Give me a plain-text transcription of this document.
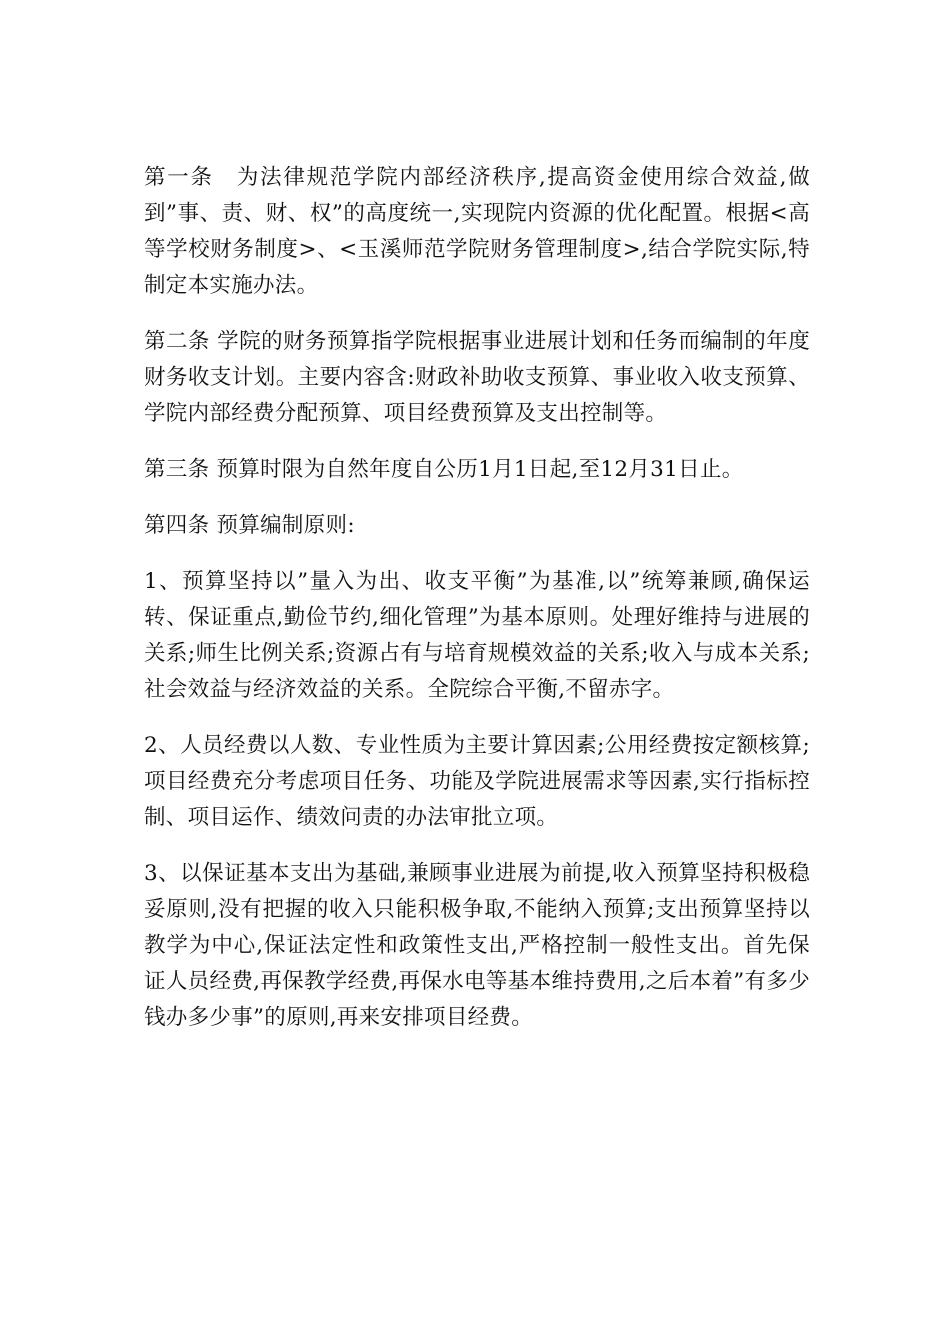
第一条　为法律规范学院内部经济秩序,提高资金使用综合效益,做到”事、责、财、权”的高度统一,实现院内资源的优化配置。根据<高等学校财务制度>、<玉溪师范学院财务管理制度>,结合学院实际,特制定本实施办法。

第二条 学院的财务预算指学院根据事业进展计划和任务而编制的年度财务收支计划。主要内容含:财政补助收支预算、事业收入收支预算、学院内部经费分配预算、项目经费预算及支出控制等。

第三条 预算时限为自然年度自公历1月1日起,至12月31日止。

第四条 预算编制原则:

1、预算坚持以”量入为出、收支平衡”为基准,以”统筹兼顾,确保运转、保证重点,勤俭节约,细化管理”为基本原则。处理好维持与进展的关系;师生比例关系;资源占有与培育规模效益的关系;收入与成本关系;社会效益与经济效益的关系。全院综合平衡,不留赤字。

2、人员经费以人数、专业性质为主要计算因素;公用经费按定额核算;项目经费充分考虑项目任务、功能及学院进展需求等因素,实行指标控制、项目运作、绩效问责的办法审批立项。

3、以保证基本支出为基础,兼顾事业进展为前提,收入预算坚持积极稳妥原则,没有把握的收入只能积极争取,不能纳入预算;支出预算坚持以教学为中心,保证法定性和政策性支出,严格控制一般性支出。首先保证人员经费,再保教学经费,再保水电等基本维持费用,之后本着”有多少钱办多少事”的原则,再来安排项目经费。
